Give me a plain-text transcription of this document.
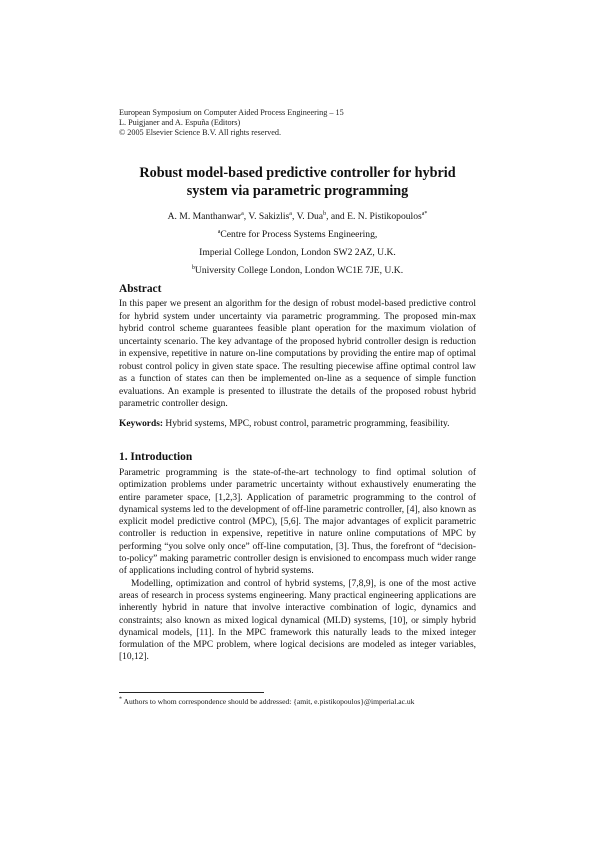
European Symposium on Computer Aided Process Engineering – 15
L. Puigjaner and A. Espuña (Editors)
© 2005 Elsevier Science B.V. All rights reserved.
Robust model-based predictive controller for hybrid
system via parametric programming
A. M. Manthanwar$^a$, V. Sakizlis$^a$, V. Dua$^b$, and E. N. Pistikopoulos$^{a*}$
$^a$Centre for Process Systems Engineering,
Imperial College London, London SW2 2AZ, U.K.
$^b$University College London, London WC1E 7JE, U.K.
Abstract
In this paper we present an algorithm for the design of robust model-based predictive control for hybrid system under uncertainty via parametric programming. The proposed min-max hybrid control scheme guarantees feasible plant operation for the maximum violation of uncertainty scenario. The key advantage of the proposed hybrid controller design is reduction in expensive, repetitive in nature on-line computations by providing the entire map of optimal robust control policy in given state space. The resulting piecewise affine optimal control law as a function of states can then be implemented on-line as a sequence of simple function evaluations. An example is presented to illustrate the details of the proposed robust hybrid parametric controller design.
Keywords: Hybrid systems, MPC, robust control, parametric programming, feasibility.
1. Introduction

Parametric programming is the state-of-the-art technology to find optimal solution of optimization problems under parametric uncertainty without exhaustively enumerating the entire parameter space, [1,2,3]. Application of parametric programming to the control of dynamical systems led to the development of off-line parametric controller, [4], also known as explicit model predictive control (MPC), [5,6]. The major advantages of explicit parametric controller is reduction in expensive, repetitive in nature online computations of MPC by performing “you solve only once” off-line computation, [3]. Thus, the forefront of “decision-to-policy” making parametric controller design is envisioned to encompass much wider range of applications including control of hybrid systems.

Modelling, optimization and control of hybrid systems, [7,8,9], is one of the most active areas of research in process systems engineering. Many practical engineering applications are inherently hybrid in nature that involve interactive combination of logic, dynamics and constraints; also known as mixed logical dynamical (MLD) systems, [10], or simply hybrid dynamical models, [11]. In the MPC framework this naturally leads to the mixed integer formulation of the MPC problem, where logical decisions are modeled as integer variables, [10,12].

* Authors to whom correspondence should be addressed: {amit, e.pistikopoulos}@imperial.ac.uk
